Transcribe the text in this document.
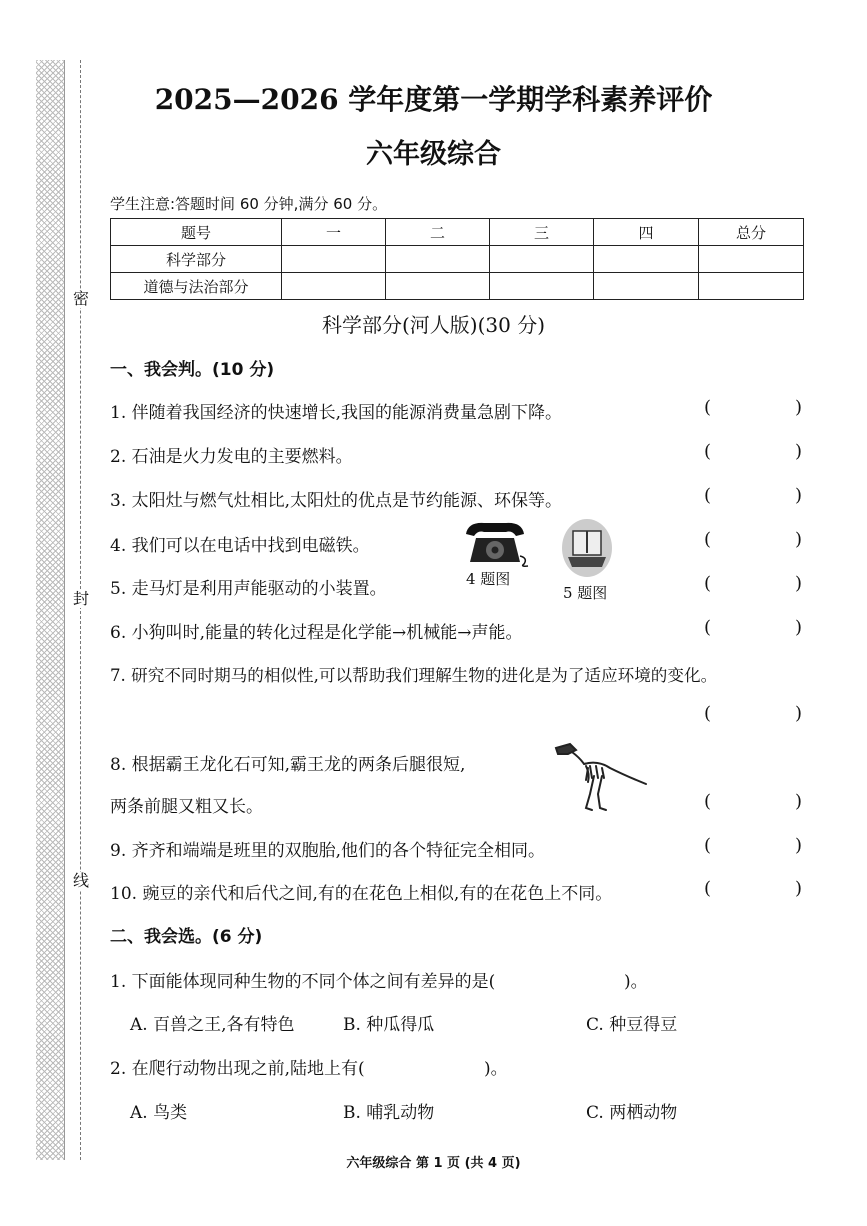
密
封
线
2025—2026 学年度第一学期学科素养评价
六年级综合
学生注意:答题时间 60 分钟,满分 60 分。
题号	一	二	三	四	总分
科学部分					
道德与法治部分					
科学部分(河人版)(30 分)
一、我会判。(10 分)
1. 伴随着我国经济的快速增长,我国的能源消费量急剧下降。
2. 石油是火力发电的主要燃料。
3. 太阳灶与燃气灶相比,太阳灶的优点是节约能源、环保等。
4. 我们可以在电话中找到电磁铁。
5. 走马灯是利用声能驱动的小装置。
6. 小狗叫时,能量的转化过程是化学能→机械能→声能。
7. 研究不同时期马的相似性,可以帮助我们理解生物的进化是为了适应环境的变化。
8. 根据霸王龙化石可知,霸王龙的两条后腿很短,
两条前腿又粗又长。
9. 齐齐和端端是班里的双胞胎,他们的各个特征完全相同。
10. 豌豆的亲代和后代之间,有的在花色上相似,有的在花色上不同。
(	)
(	)
(	)
(	)
(	)
(	)
(	)
(	)
(	)
(	)
4 题图
5 题图
二、我会选。(6 分)
1. 下面能体现同种生物的不同个体之间有差异的是(	)。
A. 百兽之王,各有特色	B. 种瓜得瓜	C. 种豆得豆
2. 在爬行动物出现之前,陆地上有(	)。
A. 鸟类	B. 哺乳动物	C. 两栖动物
六年级综合 第 1 页 (共 4 页)
